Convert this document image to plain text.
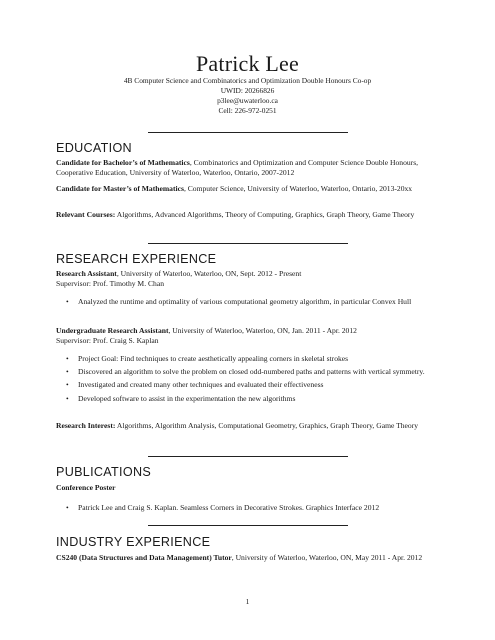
Patrick Lee
4B Computer Science and Combinatorics and Optimization Double Honours Co-op
UWID: 20266826
p3lee@uwaterloo.ca
Cell: 226-972-0251
EDUCATION
Candidate for Bachelor’s of Mathematics, Combinatorics and Optimization and Computer Science Double Honours, Cooperative Education, University of Waterloo, Waterloo, Ontario, 2007-2012
Candidate for Master’s of Mathematics, Computer Science, University of Waterloo, Waterloo, Ontario, 2013-20xx
Relevant Courses: Algorithms, Advanced Algorithms, Theory of Computing, Graphics, Graph Theory, Game Theory
RESEARCH EXPERIENCE
Research Assistant, University of Waterloo, Waterloo, ON, Sept. 2012 - Present
Supervisor: Prof. Timothy M. Chan
• Analyzed the runtime and optimality of various computational geometry algorithm, in particular Convex Hull
Undergraduate Research Assistant, University of Waterloo, Waterloo, ON, Jan. 2011 - Apr. 2012
Supervisor: Prof. Craig S. Kaplan
• Project Goal: Find techniques to create aesthetically appealing corners in skeletal strokes
• Discovered an algorithm to solve the problem on closed odd-numbered paths and patterns with vertical symmetry.
• Investigated and created many other techniques and evaluated their effectiveness
• Developed software to assist in the experimentation the new algorithms
Research Interest: Algorithms, Algorithm Analysis, Computational Geometry, Graphics, Graph Theory, Game Theory
PUBLICATIONS
Conference Poster
• Patrick Lee and Craig S. Kaplan. Seamless Corners in Decorative Strokes. Graphics Interface 2012
INDUSTRY EXPERIENCE
CS240 (Data Structures and Data Management) Tutor, University of Waterloo, Waterloo, ON, May 2011 - Apr. 2012
1
